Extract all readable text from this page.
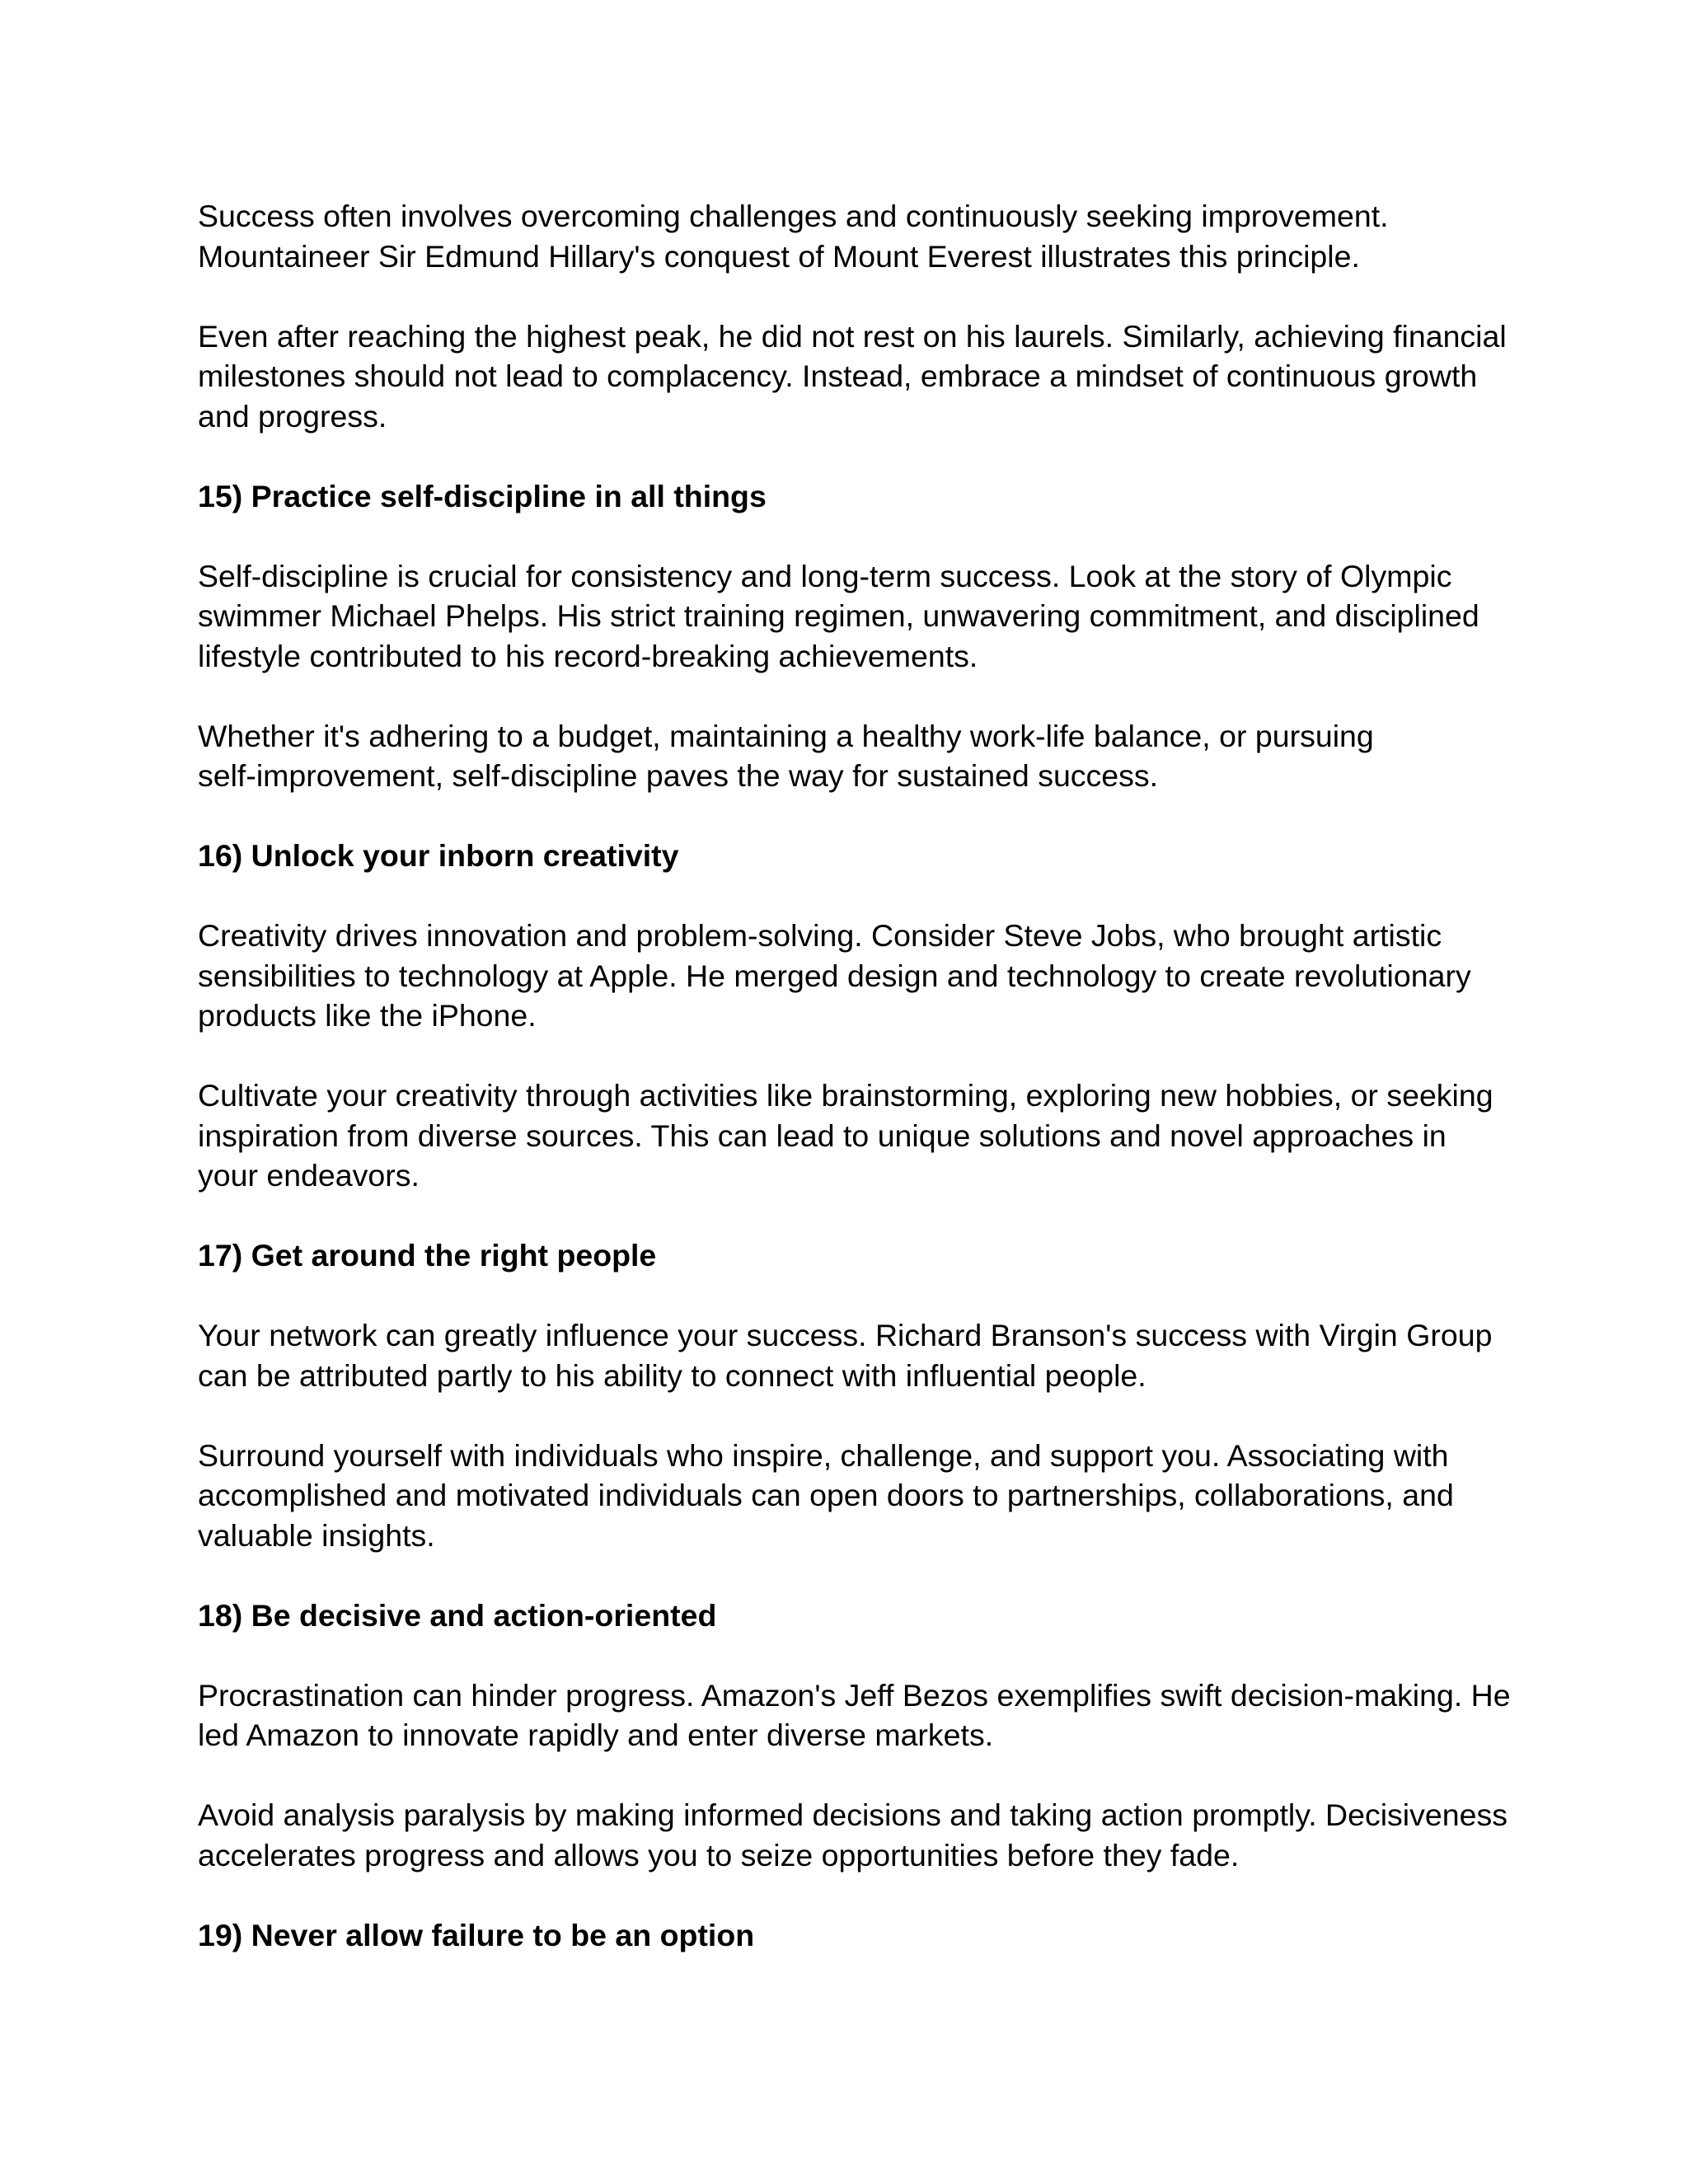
Success often involves overcoming challenges and continuously seeking improvement.
Mountaineer Sir Edmund Hillary's conquest of Mount Everest illustrates this principle.
Even after reaching the highest peak, he did not rest on his laurels. Similarly, achieving financial
milestones should not lead to complacency. Instead, embrace a mindset of continuous growth
and progress.
15) Practice self-discipline in all things
Self-discipline is crucial for consistency and long-term success. Look at the story of Olympic
swimmer Michael Phelps. His strict training regimen, unwavering commitment, and disciplined
lifestyle contributed to his record-breaking achievements.
Whether it's adhering to a budget, maintaining a healthy work-life balance, or pursuing
self-improvement, self-discipline paves the way for sustained success.
16) Unlock your inborn creativity
Creativity drives innovation and problem-solving. Consider Steve Jobs, who brought artistic
sensibilities to technology at Apple. He merged design and technology to create revolutionary
products like the iPhone.
Cultivate your creativity through activities like brainstorming, exploring new hobbies, or seeking
inspiration from diverse sources. This can lead to unique solutions and novel approaches in
your endeavors.
17) Get around the right people
Your network can greatly influence your success. Richard Branson's success with Virgin Group
can be attributed partly to his ability to connect with influential people.
Surround yourself with individuals who inspire, challenge, and support you. Associating with
accomplished and motivated individuals can open doors to partnerships, collaborations, and
valuable insights.
18) Be decisive and action-oriented
Procrastination can hinder progress. Amazon's Jeff Bezos exemplifies swift decision-making. He
led Amazon to innovate rapidly and enter diverse markets.
Avoid analysis paralysis by making informed decisions and taking action promptly. Decisiveness
accelerates progress and allows you to seize opportunities before they fade.
19) Never allow failure to be an option
